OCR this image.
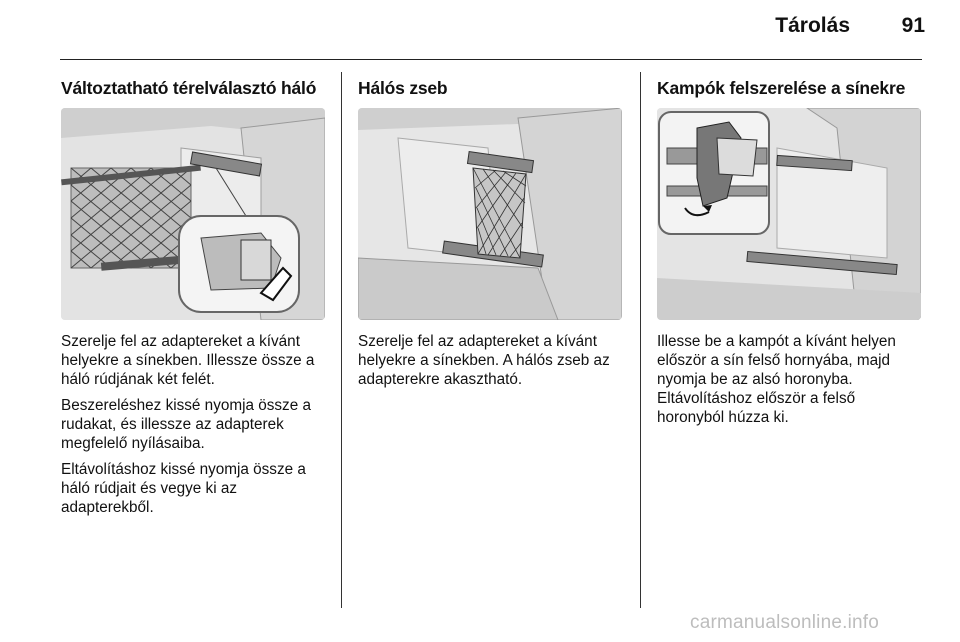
Tárolás	91
Változtatható térelválasztó háló

Szerelje fel az adaptereket a kívánt helyekre a sínekben. Illessze össze a háló rúdjának két felét.

Beszereléshez kissé nyomja össze a rudakat, és illessze az adapterek megfelelő nyílásaiba.

Eltávolításhoz kissé nyomja össze a háló rúdjait és vegye ki az adapterekből.

Hálós zseb

Szerelje fel az adaptereket a kívánt helyekre a sínekben. A hálós zseb az adapterekre akasztható.

Kampók felszerelése a sínekre

Illesse be a kampót a kívánt helyen először a sín felső hornyába, majd nyomja be az alsó horonyba. Eltávolításhoz először a felső horonyból húzza ki.

carmanualsonline.info
